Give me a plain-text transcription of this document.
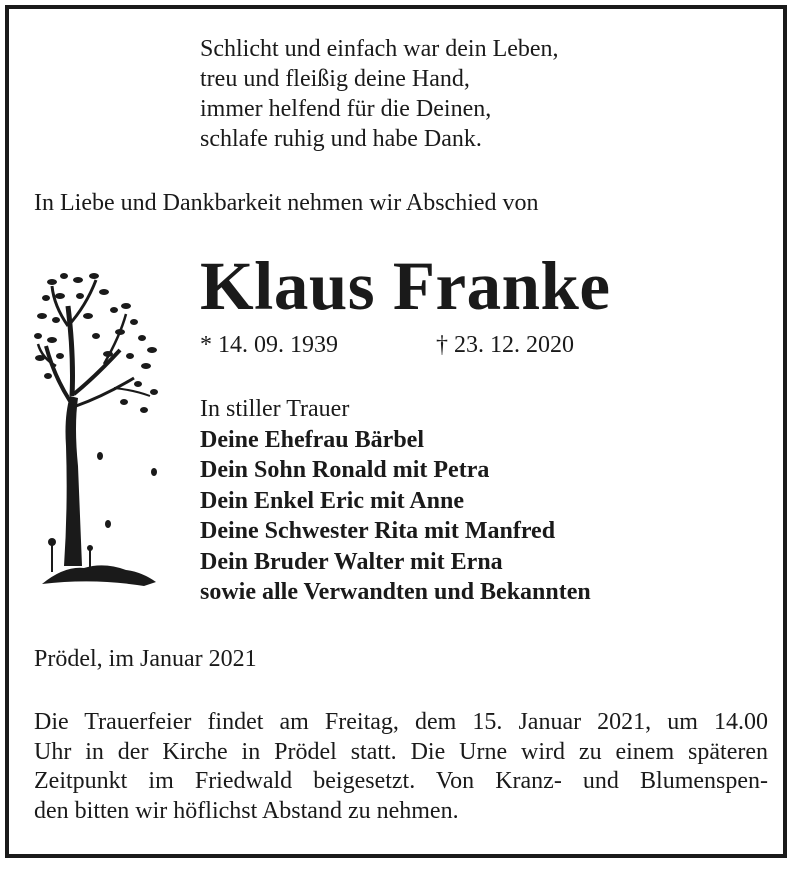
Schlicht und einfach war dein Leben,
treu und fleißig deine Hand,
immer helfend für die Deinen,
schlafe ruhig und habe Dank.
In Liebe und Dankbarkeit nehmen wir Abschied von
Klaus Franke
* 14. 09. 1939	† 23. 12. 2020
In stiller Trauer
Deine Ehefrau Bärbel
Dein Sohn Ronald mit Petra
Dein Enkel Eric mit Anne
Deine Schwester Rita mit Manfred
Dein Bruder Walter mit Erna
sowie alle Verwandten und Bekannten
Prödel, im Januar 2021
Die Trauerfeier findet am Freitag, dem 15. Januar 2021, um 14.00
Uhr in der Kirche in Prödel statt. Die Urne wird zu einem späteren
Zeitpunkt im Friedwald beigesetzt. Von Kranz- und Blumenspen-
den bitten wir höflichst Abstand zu nehmen.
